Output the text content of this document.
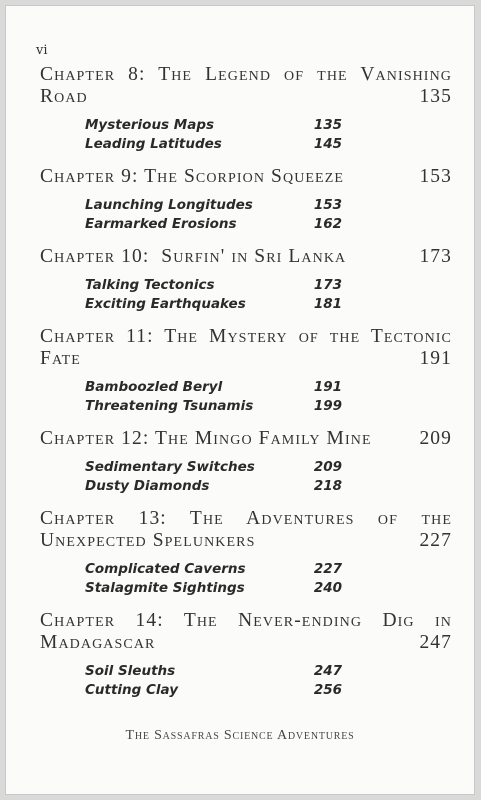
vi
Chapter 8: The Legend of the Vanishing
Road	135
Mysterious Maps	135
Leading Latitudes	145
Chapter 9: The Scorpion Squeeze	153
Launching Longitudes	153
Earmarked Erosions	162
Chapter 10:  Surfin' in Sri Lanka	173
Talking Tectonics	173
Exciting Earthquakes	181
Chapter 11: The Mystery of the Tectonic
Fate	191
Bamboozled Beryl	191
Threatening Tsunamis	199
Chapter 12: The Mingo Family Mine 209
Sedimentary Switches	209
Dusty Diamonds	218
Chapter 13: The Adventures of the
Unexpected Spelunkers	227
Complicated Caverns	227
Stalagmite Sightings	240
Chapter 14: The Never-ending Dig in
Madagascar	247
Soil Sleuths	247
Cutting Clay	256
The Sassafras Science Adventures
